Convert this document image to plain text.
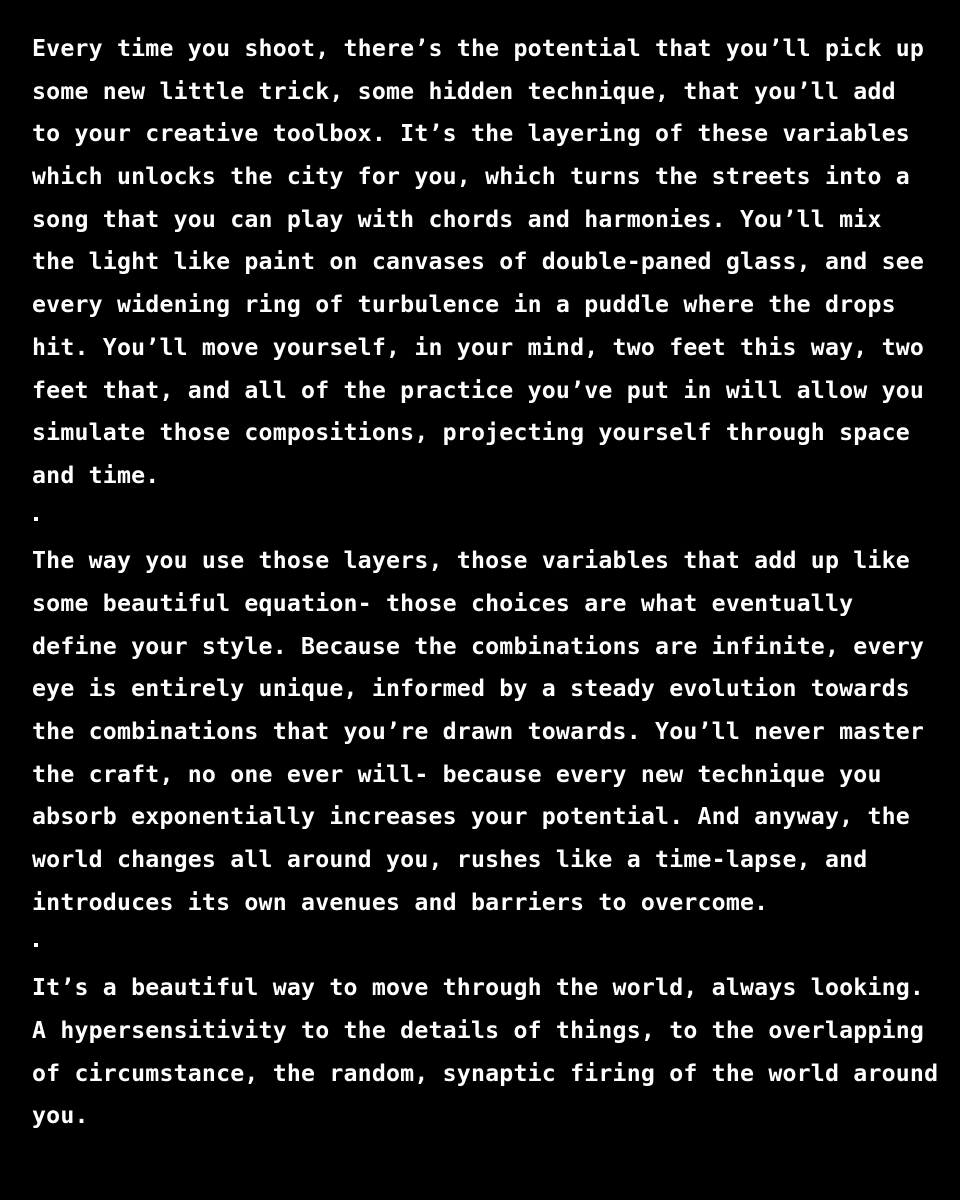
Every time you shoot, there’s the potential that you’ll pick up
some new little trick, some hidden technique, that you’ll add
to your creative toolbox. It’s the layering of these variables
which unlocks the city for you, which turns the streets into a
song that you can play with chords and harmonies. You’ll mix
the light like paint on canvases of double-paned glass, and see
every widening ring of turbulence in a puddle where the drops
hit. You’ll move yourself, in your mind, two feet this way, two
feet that, and all of the practice you’ve put in will allow you
simulate those compositions, projecting yourself through space
and time.
The way you use those layers, those variables that add up like
some beautiful equation- those choices are what eventually
define your style. Because the combinations are infinite, every
eye is entirely unique, informed by a steady evolution towards
the combinations that you’re drawn towards. You’ll never master
the craft, no one ever will- because every new technique you
absorb exponentially increases your potential. And anyway, the
world changes all around you, rushes like a time-lapse, and
introduces its own avenues and barriers to overcome.
It’s a beautiful way to move through the world, always looking.
A hypersensitivity to the details of things, to the overlapping
of circumstance, the random, synaptic firing of the world around
you.
